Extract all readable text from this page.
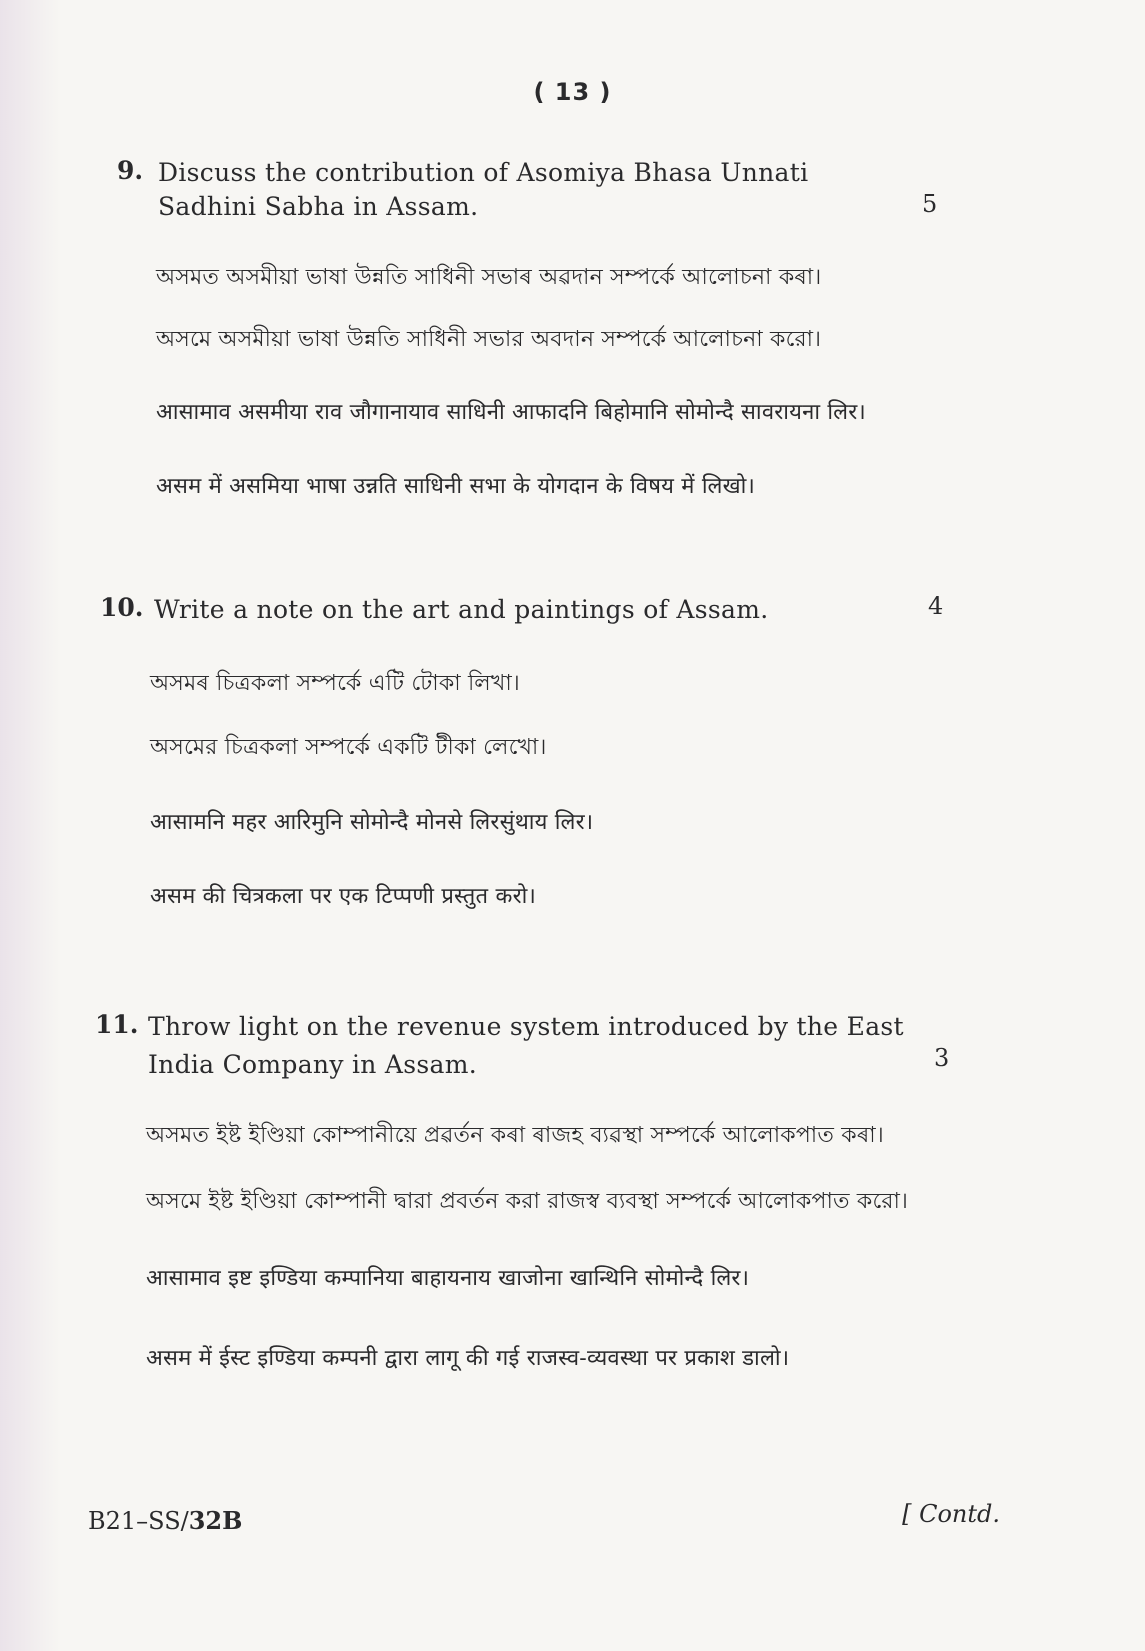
( 13 )
9. Discuss the contribution of Asomiya Bhasa Unnati Sadhini Sabha in Assam.	5
অসমত অসমীয়া ভাষা উন্নতি সাধিনী সভাৰ অৱদান সম্পৰ্কে আলোচনা কৰা।
অসমে অসমীয়া ভাষা উন্নতি সাধিনী সভার অবদান সম্পর্কে আলোচনা করো।
आसामाव असमीया राव जौगानायाव साधिनी आफादनि बिहोमानि सोमोन्दै सावरायना लिर।
असम में असमिया भाषा उन्नति साधिनी सभा के योगदान के विषय में लिखो।
10. Write a note on the art and paintings of Assam.	4
অসমৰ চিত্ৰকলা সম্পৰ্কে এটি টোকা লিখা।
অসমের চিত্রকলা সম্পর্কে একটি টীকা লেখো।
आसामनि महर आरिमुनि सोमोन्दै मोनसे लिरसुंथाय लिर।
असम की चित्रकला पर एक टिप्पणी प्रस्तुत करो।
11. Throw light on the revenue system introduced by the East India Company in Assam.	3
অসমত ইষ্ট ইণ্ডিয়া কোম্পানীয়ে প্ৰৱৰ্তন কৰা ৰাজহ ব্যৱস্থা সম্পৰ্কে আলোকপাত কৰা।
অসমে ইষ্ট ইণ্ডিয়া কোম্পানী দ্বারা প্রবর্তন করা রাজস্ব ব্যবস্থা সম্পর্কে আলোকপাত করো।
आसामाव इष्ट इण्डिया कम्पानिया बाहायनाय खाजोना खान्थिनि सोमोन्दै लिर।
असम में ईस्ट इण्डिया कम्पनी द्वारा लागू की गई राजस्व-व्यवस्था पर प्रकाश डालो।
B21–SS/32B	[ Contd.
